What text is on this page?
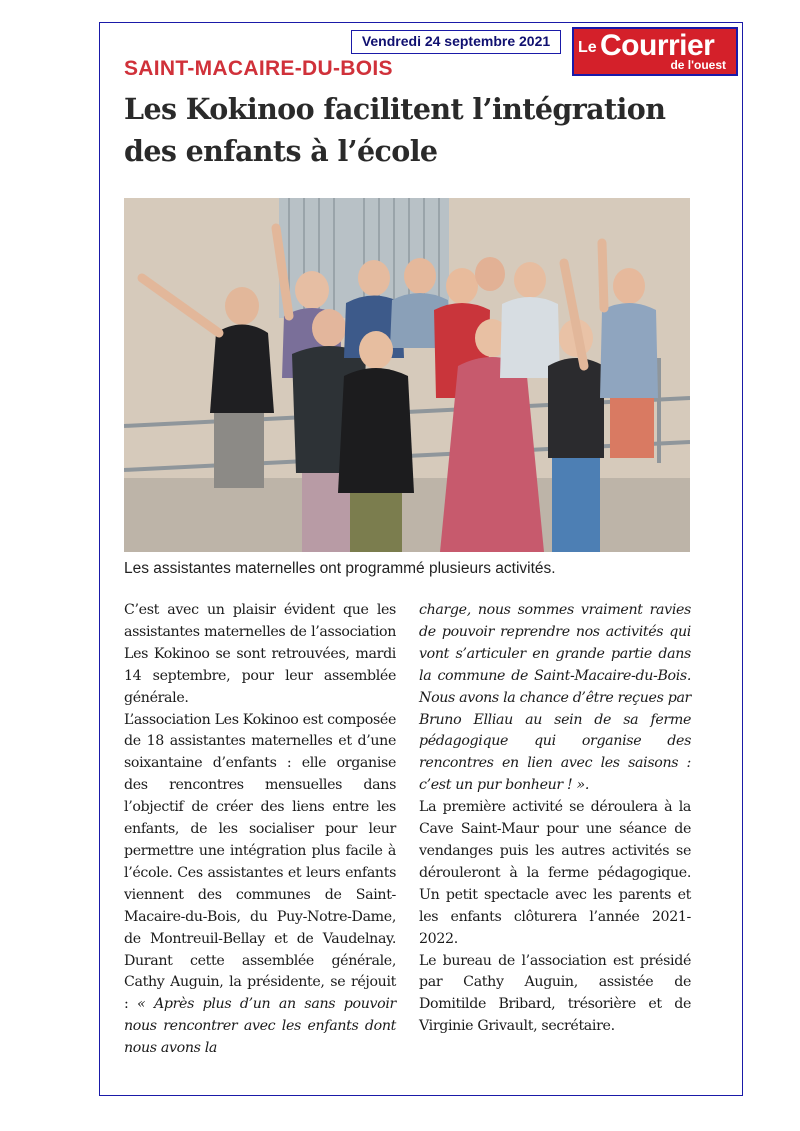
Vendredi 24 septembre 2021	Le Courrier
de l'ouest
SAINT-MACAIRE-DU-BOIS
Les Kokinoo facilitent l’intégration
des enfants à l’école
Les assistantes maternelles ont programmé plusieurs activités.

C’est avec un plaisir évident que les assistantes maternelles de l’association Les Kokinoo se sont retrouvées, mardi 14 septembre, pour leur assemblée générale.

L’association Les Kokinoo est composée de 18 assistantes maternelles et d’une soixantaine d’enfants : elle organise des rencontres mensuelles dans l’objectif de créer des liens entre les enfants, de les socialiser pour leur permettre une intégration plus facile à l’école. Ces assistantes et leurs enfants viennent des communes de Saint-Macaire-du-Bois, du Puy-Notre-Dame, de Montreuil-Bellay et de Vaudelnay. Durant cette assemblée générale, Cathy Auguin, la présidente, se réjouit : « Après plus d’un an sans pouvoir nous rencontrer avec les enfants dont nous avons la

charge, nous sommes vraiment ravies de pouvoir reprendre nos activités qui vont s’articuler en grande partie dans la commune de Saint-Macaire-du-Bois. Nous avons la chance d’être reçues par Bruno Elliau au sein de sa ferme pédagogique qui organise des rencontres en lien avec les saisons : c’est un pur bonheur ! ».

La première activité se déroulera à la Cave Saint-Maur pour une séance de vendanges puis les autres activités se dérouleront à la ferme pédagogique. Un petit spectacle avec les parents et les enfants clôturera l’année 2021-2022.

Le bureau de l’association est présidé par Cathy Auguin, assistée de Domitilde Bribard, trésorière et de Virginie Grivault, secrétaire.
